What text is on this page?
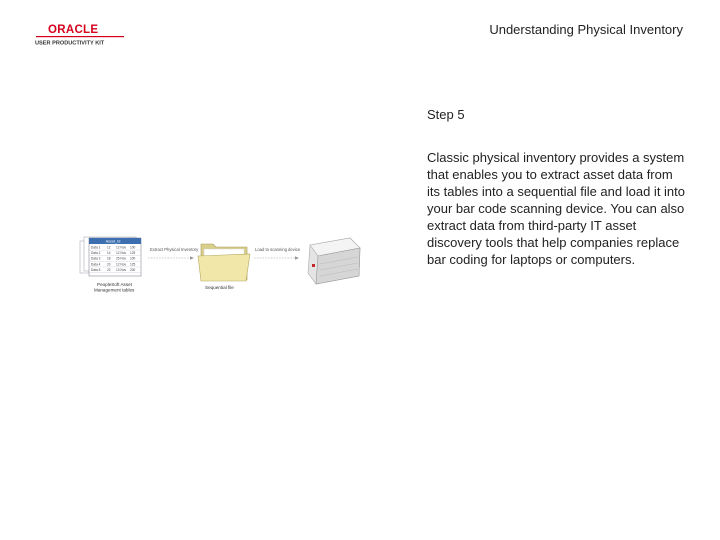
ORACLE
USER PRODUCTIVITY KIT
Understanding Physical Inventory
Asset_Id
Data 1 12 12 Nov 100
Data 2 14 12 Nov 125
Data 3 18 25 Nov 100
Data 4 20 12 Nov 125
Data 5 22 13 Nov 200
PeopleSoft Asset
Management tables
Extract Physical Inventory
Sequential file
Load to scanning device
Step 5
Classic physical inventory provides a system that enables you to extract asset data from its tables into a sequential file and load it into your bar code scanning device. You can also extract data from third-party IT asset discovery tools that help companies replace bar coding for laptops or computers.
